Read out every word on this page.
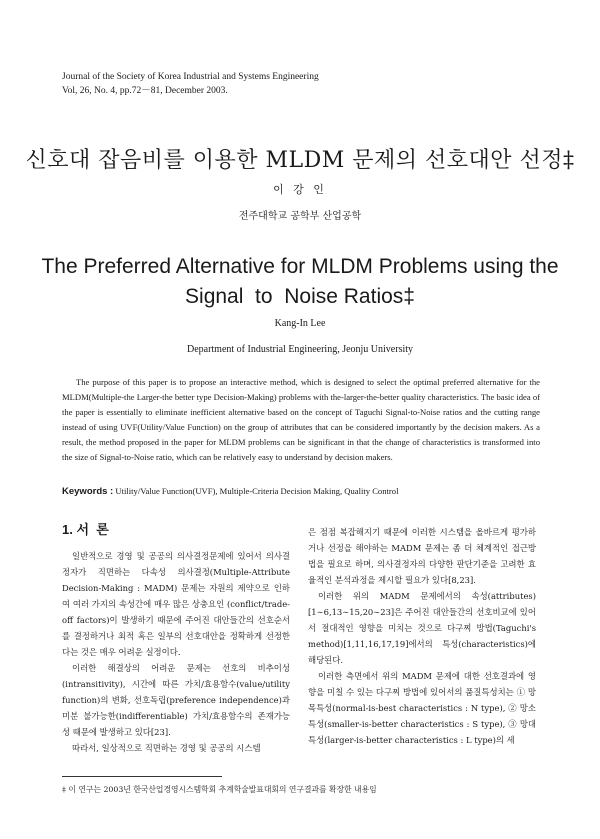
Journal of the Society of Korea Industrial and Systems Engineering
Vol, 26, No. 4, pp.72－81, December 2003.
신호대 잡음비를 이용한 MLDM 문제의 선호대안 선정‡
이 강 인
전주대학교 공학부 산업공학
The Preferred Alternative for MLDM Problems using the
Signal  to  Noise Ratios‡
Kang-In Lee
Department of Industrial Engineering, Jeonju University
The purpose of this paper is to propose an interactive method, which is designed to select the optimal preferred alternative for the MLDM(Multiple-the Larger-the better type Decision-Making) problems with the-larger-the-better quality characteristics. The basic idea of the paper is essentially to eliminate inefficient alternative based on the concept of Taguchi Signal-to-Noise ratios and the cutting range instead of using UVF(Utility/Value Function) on the group of attributes that can be considered importantly by the decision makers. As a result, the method proposed in the paper for MLDM problems can be significant in that the change of characteristics is transformed into the size of Signal-to-Noise ratio, which can be relatively easy to understand by decision makers.
Keywords : Utility/Value Function(UVF), Multiple-Criteria Decision Making, Quality Control
1. 서  론

일반적으로 경영 및 공공의 의사결정문제에 있어서 의사결정자가 직면하는 다속성 의사결정(Multiple-Attribute Decision-Making : MADM) 문제는 자원의 제약으로 인하여 여러 가지의 속성간에 매우 많은 상충요인 (conflict/trade-off factors)이 발생하기 때문에 주어진 대안들간의 선호순서를 결정하거나 최적 혹은 일부의 선호대안을 정확하게 선정한다는 것은 매우 어려운 실정이다.

이러한 해결상의 어려운 문제는 선호의 비추이성 (intransitivity), 시간에 따른 가치/효용함수(value/utility function)의 변화, 선호독립(preference independence)과 미분 불가능한(indifferentiable) 가치/효용함수의 존재가능성 때문에 발생하고 있다[23].

따라서, 일상적으로 직면하는 경영 및 공공의 시스템

은 점점 복잡해지기 때문에 이러한 시스템을 올바르게 평가하거나 선정을 해야하는 MADM 문제는 좀 더 체계적인 접근방법을 필요로 하며, 의사결정자의 다양한 판단기준을 고려한 효율적인 분석과정을 제시할 필요가 있다[8,23].

이러한 위의 MADM 문제에서의 속성(attributes)[1∼6,13∼15,20∼23]은 주어진 대안들간의 선호비교에 있어서 절대적인 영향을 미치는 것으로 다구찌 방법(Taguchi's method)[1,11,16,17,19]에서의 특성(characteristics)에 해당된다.

이러한 측면에서 위의 MADM 문제에 대한 선호결과에 영향을 미칠 수 있는 다구찌 방법에 있어서의 품질특성치는 ① 망목특성(normal-is-best characteristics : N type), ② 망소특성(smaller-is-better characteristics : S type), ③ 망대특성(larger-is-better characteristics : L type)의 세

‡ 이 연구는 2003년 한국산업경영시스템학회 추계학술발표대회의 연구결과를 확장한 내용임
